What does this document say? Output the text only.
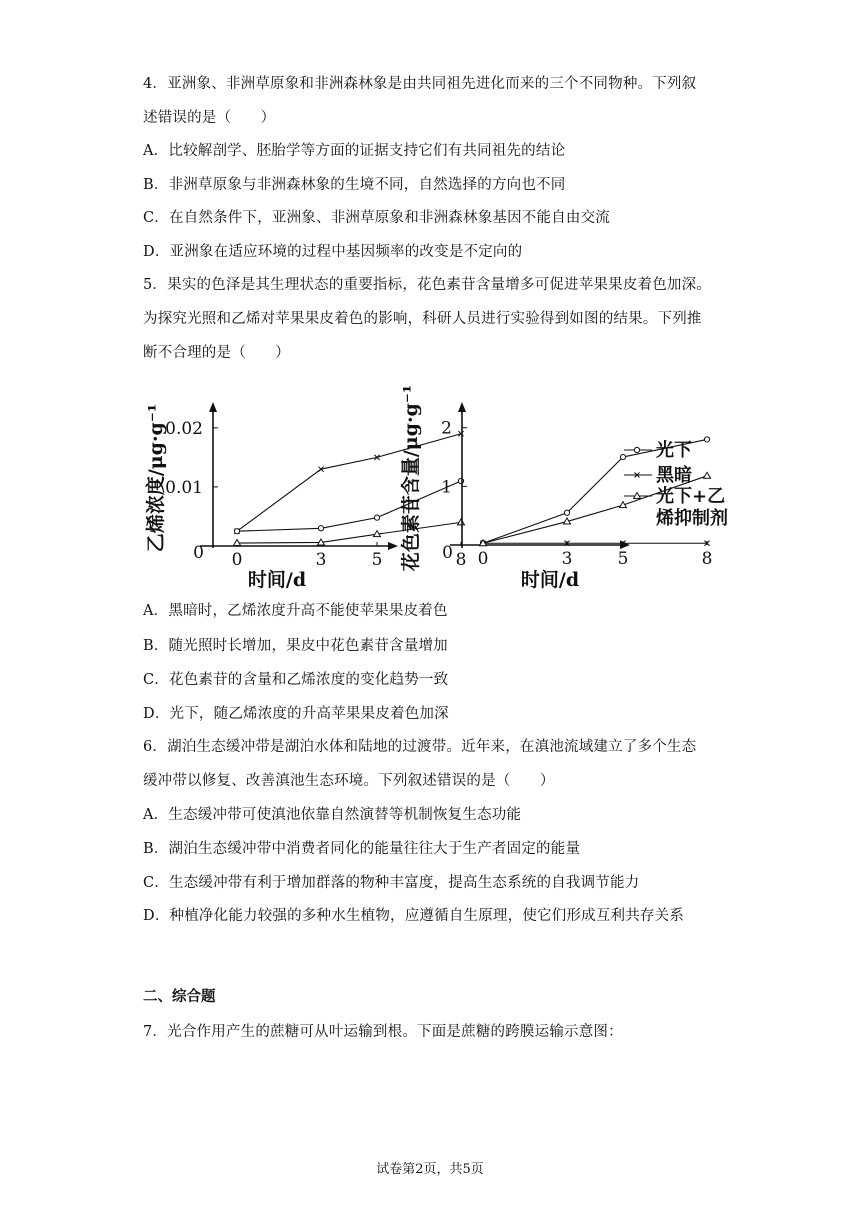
4．亚洲象、非洲草原象和非洲森林象是由共同祖先进化而来的三个不同物种。下列叙
述错误的是（　　）
A．比较解剖学、胚胎学等方面的证据支持它们有共同祖先的结论
B．非洲草原象与非洲森林象的生境不同，自然选择的方向也不同
C．在自然条件下，亚洲象、非洲草原象和非洲森林象基因不能自由交流
D．亚洲象在适应环境的过程中基因频率的改变是不定向的
5．果实的色泽是其生理状态的重要指标，花色素苷含量增多可促进苹果果皮着色加深。
为探究光照和乙烯对苹果果皮着色的影响，科研人员进行实验得到如图的结果。下列推
断不合理的是（　　）
0
乙烯浓度/μg·g⁻¹
时间/d
0	3	5	8
0.01
0.02
0
花色素苷含量/μg·g⁻¹
时间/d
光下
黑暗
光下+乙
烯抑制剂
0	3	5	8
1
2
A．黑暗时，乙烯浓度升高不能使苹果果皮着色
B．随光照时长增加，果皮中花色素苷含量增加
C．花色素苷的含量和乙烯浓度的变化趋势一致
D．光下，随乙烯浓度的升高苹果果皮着色加深
6．湖泊生态缓冲带是湖泊水体和陆地的过渡带。近年来，在滇池流域建立了多个生态
缓冲带以修复、改善滇池生态环境。下列叙述错误的是（　　）
A．生态缓冲带可使滇池依靠自然演替等机制恢复生态功能
B．湖泊生态缓冲带中消费者同化的能量往往大于生产者固定的能量
C．生态缓冲带有利于增加群落的物种丰富度，提高生态系统的自我调节能力
D．种植净化能力较强的多种水生植物，应遵循自生原理，使它们形成互利共存关系
二、综合题
7．光合作用产生的蔗糖可从叶运输到根。下面是蔗糖的跨膜运输示意图：
试卷第2页，共5页
